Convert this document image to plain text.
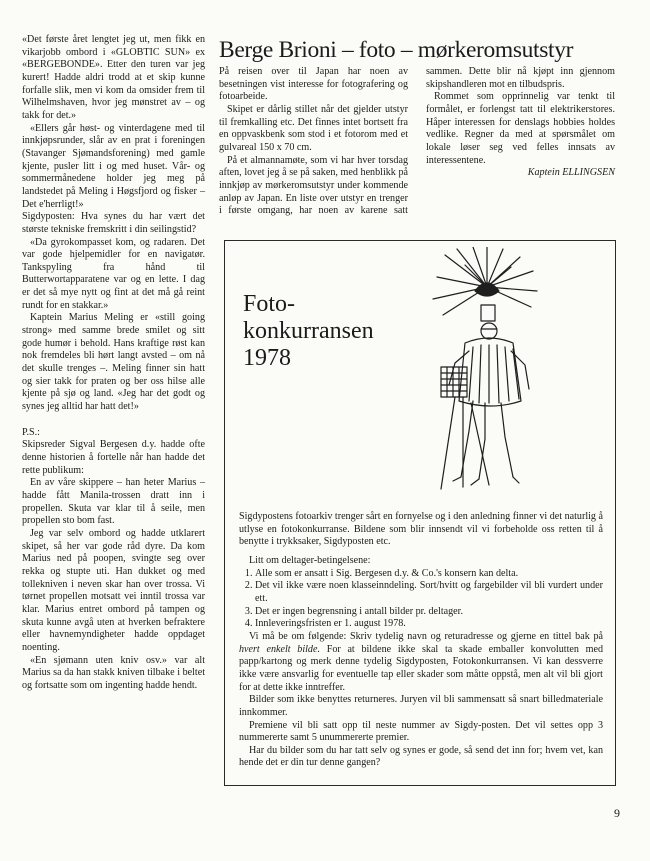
«Det første året lengtet jeg ut, men fikk en vikarjobb ombord i «GLOBTIC SUN» ex «BERGEBONDE». Etter den turen var jeg kurert! Hadde aldri trodd at et skip kunne forfalle slik, men vi kom da omsider frem til Wilhelmshaven, hvor jeg mønstret av – og takk for det.»

«Ellers går høst- og vinterdagene med til innkjøpsrunder, slår av en prat i foreningen (Stavanger Sjømandsforening) med gamle kjente, pusler litt i og med huset. Vår- og sommermånedene holder jeg meg på landstedet på Meling i Høgsfjord og fisker – Det e'herrligt!»

Sigdyposten: Hva synes du har vært det største tekniske fremskritt i din seilingstid?

«Da gyrokompasset kom, og radaren. Det var gode hjelpemidler for en navigatør. Tankspyling fra hånd til Butterwortapparatene var og en lette. I dag er det så mye nytt og fint at det må gå reint rundt for en stakkar.»

Kaptein Marius Meling er «still going strong» med samme brede smilet og sitt gode humør i behold. Hans kraftige røst kan nok fremdeles bli hørt langt avsted – om nå det skulle trenges –. Meling finner sin hatt og sier takk for praten og ber oss hilse alle kjente på sjø og land. «Jeg har det godt og synes jeg alltid har hatt det!»

P.S.:

Skipsreder Sigval Bergesen d.y. hadde ofte denne historien å fortelle når han hadde det rette publikum:

En av våre skippere – han heter Marius – hadde fått Manila-trossen dratt inn i propellen. Skuta var klar til å seile, men propellen sto bom fast.

Jeg var selv ombord og hadde utklarert skipet, så her var gode råd dyre. Da kom Marius ned på poopen, svingte seg over rekka og stupte uti. Han dukket og med tollekniven i neven skar han over trossa. Vi tørnet propellen motsatt vei inntil trossa var klar. Marius entret ombord på tampen og skuta kunne avgå uten at hverken befraktere eller havnemyndigheter hadde oppdaget noenting.

«En sjømann uten kniv osv.» var alt Marius sa da han stakk kniven tilbake i beltet og fortsatte som om ingenting hadde hendt.

Berge Brioni – foto – mørkeromsutstyr

På reisen over til Japan har noen av besetningen vist interesse for fotografering og fotoarbeide.

Skipet er dårlig stillet når det gjelder utstyr til fremkalling etc. Det finnes intet bortsett fra en oppvaskbenk som stod i et fotorom med et gulvareal 150 x 70 cm.

På et almannamøte, som vi har hver torsdag aften, lovet jeg å se på saken, med henblikk på innkjøp av mørkeromsutstyr under kommende anløp av Japan. En liste over utstyr en trenger i første omgang, har noen av karene satt sammen. Dette blir nå kjøpt inn gjennom skipshandleren mot en tilbudspris.

Rommet som opprinnelig var tenkt til formålet, er forlengst tatt til elektrikerstores. Håper interessen for denslags hobbies holdes vedlike. Regner da med at spørsmålet om lokale løser seg ved felles innsats av interessentene.

Kaptein ELLINGSEN

Foto-
konkurransen
1978

Sigdypostens fotoarkiv trenger sårt en fornyelse og i den anledning finner vi det naturlig å utlyse en fotokonkurranse. Bildene som blir innsendt vil vi forbeholde oss retten til å benytte i trykksaker, Sigdyposten etc.

Litt om deltager-betingelsene:

1. Alle som er ansatt i Sig. Bergesen d.y. & Co.'s konsern kan delta.
2. Det vil ikke være noen klasseinndeling. Sort/hvitt og fargebilder vil bli vurdert under ett.
3. Det er ingen begrensning i antall bilder pr. deltager.
4. Innleveringsfristen er 1. august 1978.

Vi må be om følgende: Skriv tydelig navn og returadresse og gjerne en tittel bak på hvert enkelt bilde. For at bildene ikke skal ta skade emballer konvolutten med papp/kartong og merk denne tydelig Sigdyposten, Fotokonkurransen. Vi kan dessverre ikke være ansvarlig for eventuelle tap eller skader som måtte oppstå, men alt vil bli gjort for at dette ikke inntreffer.

Bilder som ikke benyttes returneres. Juryen vil bli sammensatt så snart billedmateriale innkommer.

Premiene vil bli satt opp til neste nummer av Sigdy-posten. Det vil settes opp 3 nummererte samt 5 unummererte premier.

Har du bilder som du har tatt selv og synes er gode, så send det inn for; hvem vet, kan hende det er din tur denne gangen?

9
